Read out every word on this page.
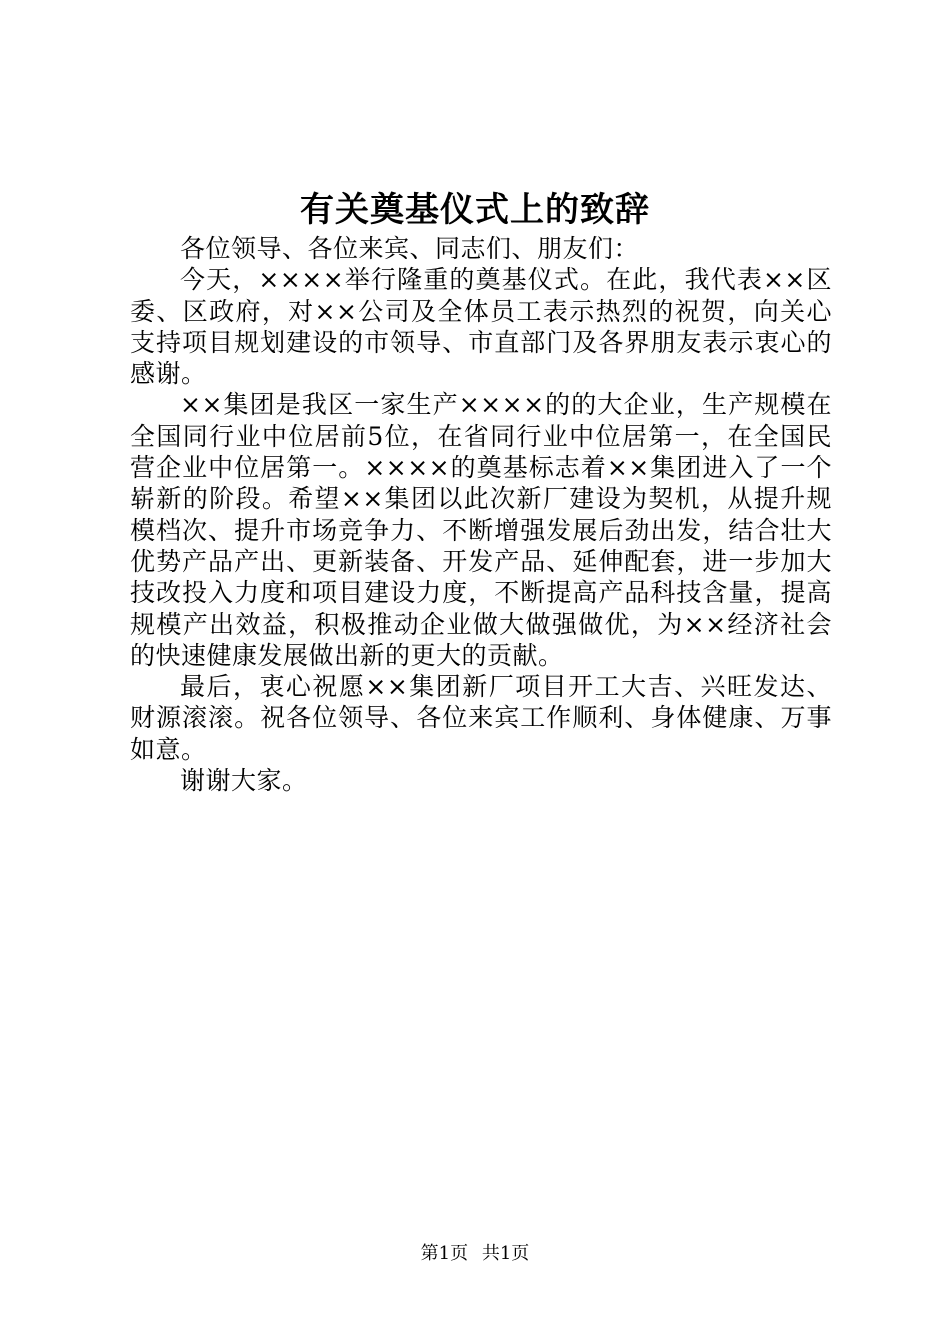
有关奠基仪式上的致辞

各位领导、各位来宾、同志们、朋友们：

今天，××××举行隆重的奠基仪式。在此，我代表××区委、区政府，对××公司及全体员工表示热烈的祝贺，向关心支持项目规划建设的市领导、市直部门及各界朋友表示衷心的感谢。

××集团是我区一家生产××××的的大企业，生产规模在全国同行业中位居前5位，在省同行业中位居第一，在全国民营企业中位居第一。××××的奠基标志着××集团进入了一个崭新的阶段。希望××集团以此次新厂建设为契机，从提升规模档次、提升市场竞争力、不断增强发展后劲出发，结合壮大优势产品产出、更新装备、开发产品、延伸配套，进一步加大技改投入力度和项目建设力度，不断提高产品科技含量，提高规模产出效益，积极推动企业做大做强做优，为××经济社会的快速健康发展做出新的更大的贡献。

最后，衷心祝愿××集团新厂项目开工大吉、兴旺发达、财源滚滚。祝各位领导、各位来宾工作顺利、身体健康、万事如意。

谢谢大家。

第1页 共1页
